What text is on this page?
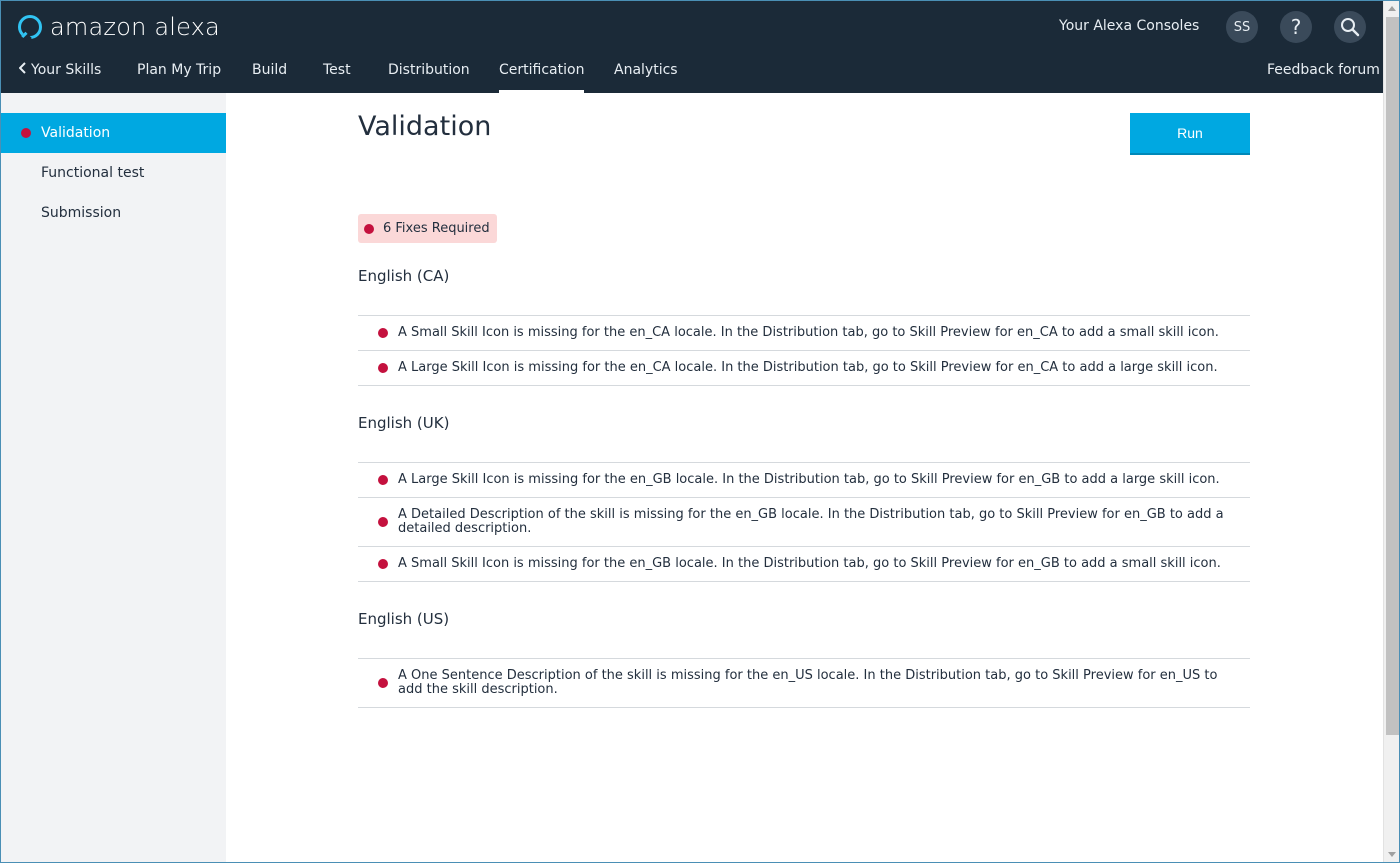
amazon alexa	Your Alexa Consoles	SS	?
Your Skills	Plan My Trip Build	Test	Distribution Certification Analytics	Feedback forum
Validation
Functional test
Submission
Validation	Run
6 Fixes Required
English (CA)
A Small Skill Icon is missing for the en_CA locale. In the Distribution tab, go to Skill Preview for en_CA to add a small skill icon.
A Large Skill Icon is missing for the en_CA locale. In the Distribution tab, go to Skill Preview for en_CA to add a large skill icon.
English (UK)
A Large Skill Icon is missing for the en_GB locale. In the Distribution tab, go to Skill Preview for en_GB to add a large skill icon.
A Detailed Description of the skill is missing for the en_GB locale. In the Distribution tab, go to Skill Preview for en_GB to add a detailed description.
A Small Skill Icon is missing for the en_GB locale. In the Distribution tab, go to Skill Preview for en_GB to add a small skill icon.
English (US)
A One Sentence Description of the skill is missing for the en_US locale. In the Distribution tab, go to Skill Preview for en_US to add the skill description.
